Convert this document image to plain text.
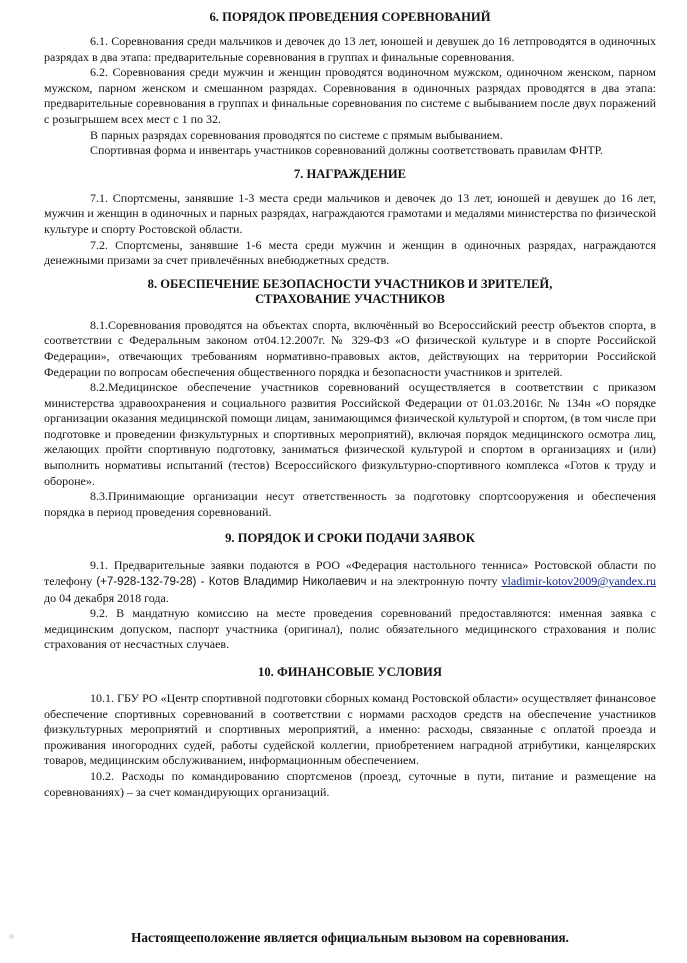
6. ПОРЯДОК ПРОВЕДЕНИЯ СОРЕВНОВАНИЙ

6.1. Соревнования среди мальчиков и девочек до 13 лет, юношей и девушек до 16 летпроводятся в одиночных разрядах в два этапа: предварительные соревнования в группах и финальные соревнования.

6.2. Соревнования среди мужчин и женщин проводятся водиночном мужском, одиночном женском, парном мужском, парном женском и смешанном разрядах. Соревнования в одиночных разрядах проводятся в два этапа: предварительные соревнования в группах и финальные соревнования по системе с выбыванием после двух поражений с розыгрышем всех мест с 1 по 32.

В парных разрядах соревнования проводятся по системе с прямым выбыванием.

Спортивная форма и инвентарь участников соревнований должны соответствовать правилам ФНТР.

7. НАГРАЖДЕНИЕ

7.1. Спортсмены, занявшие 1-3 места среди мальчиков и девочек до 13 лет, юношей и девушек до 16 лет, мужчин и женщин в одиночных и парных разрядах, награждаются грамотами и медалями министерства по физической культуре и спорту Ростовской области.

7.2. Спортсмены, занявшие 1-6 места среди мужчин и женщин в одиночных разрядах, награждаются денежными призами за счет привлечённых внебюджетных средств.

8. ОБЕСПЕЧЕНИЕ БЕЗОПАСНОСТИ УЧАСТНИКОВ И ЗРИТЕЛЕЙ,
СТРАХОВАНИЕ УЧАСТНИКОВ

8.1.Соревнования проводятся на объектах спорта, включённый во Всероссийский реестр объектов спорта, в соответствии с Федеральным законом от04.12.2007г. № 329-ФЗ «О физической культуре и в спорте Российской Федерации», отвечающих требованиям нормативно-правовых актов, действующих на территории Российской Федерации по вопросам обеспечения общественного порядка и безопасности участников и зрителей.

8.2.Медицинское обеспечение участников соревнований осуществляется в соответствии с приказом министерства здравоохранения и социального развития Российской Федерации от 01.03.2016г. № 134н «О порядке организации оказания медицинской помощи лицам, занимающимся физической культурой и спортом, (в том числе при подготовке и проведении физкультурных и спортивных мероприятий), включая порядок медицинского осмотра лиц, желающих пройти спортивную подготовку, заниматься физической культурой и спортом в организациях и (или) выполнить нормативы испытаний (тестов) Всероссийского физкультурно-спортивного комплекса «Готов к труду и обороне».

8.3.Принимающие организации несут ответственность за подготовку спортсооружения и обеспечения порядка в период проведения соревнований.

9. ПОРЯДОК И СРОКИ ПОДАЧИ ЗАЯВОК

9.1. Предварительные заявки подаются в РОО «Федерация настольного тенниса» Ростовской области по телефону (+7-928-132-79-28) - Котов Владимир Николаевич и на электронную почту vladimir-kotov2009@yandex.ru до 04 декабря 2018 года.

9.2. В мандатную комиссию на месте проведения соревнований предоставляются: именная заявка с медицинским допуском, паспорт участника (оригинал), полис обязательного медицинского страхования и полис страхования от несчастных случаев.

10. ФИНАНСОВЫЕ УСЛОВИЯ

10.1. ГБУ РО «Центр спортивной подготовки сборных команд Ростовской области» осуществляет финансовое обеспечение спортивных соревнований в соответствии с нормами расходов средств на обеспечение участников физкультурных мероприятий и спортивных мероприятий, а именно: расходы, связанные с оплатой проезда и проживания иногородних судей, работы судейской коллегии, приобретением наградной атрибутики, канцелярских товаров, медицинским обслуживанием, информационным обеспечением.

10.2. Расходы по командированию спортсменов (проезд, суточные в пути, питание и размещение на соревнованиях) – за счет командирующих организаций.

Настоящееположение является официальным вызовом на соревнования.
